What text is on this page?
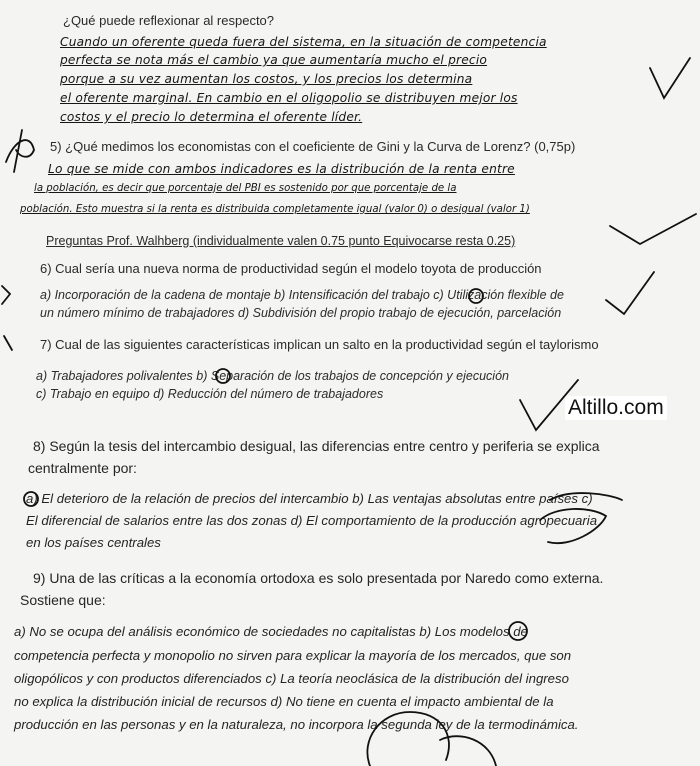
¿Qué puede reflexionar al respecto?
Cuando un oferente queda fuera del sistema, en la situación de competencia
perfecta se nota más el cambio ya que aumentaría mucho el precio
porque a su vez aumentan los costos, y los precios los determina
el oferente marginal. En cambio en el oligopolio se distribuyen mejor los
costos y el precio lo determina el oferente líder.
5) ¿Qué medimos los economistas con el coeficiente de Gini y la Curva de Lorenz? (0,75p)
Lo que se mide con ambos indicadores es la distribución de la renta entre
la población, es decir que porcentaje del PBI es sostenido por que porcentaje de la
población. Esto muestra si la renta es distribuida completamente igual (valor 0) o desigual (valor 1)
Preguntas Prof. Walhberg (individualmente valen 0.75 punto Equivocarse resta 0.25)
6) Cual sería una nueva norma de productividad según el modelo toyota de producción
a) Incorporación de la cadena de montaje b) Intensificación del trabajo c) Utilización flexible de
un número mínimo de trabajadores d) Subdivisión del propio trabajo de ejecución, parcelación
7) Cual de las siguientes características implican un salto en la productividad según el taylorismo
a) Trabajadores polivalentes b) Separación de los trabajos de concepción y ejecución
c) Trabajo en equipo d) Reducción del número de trabajadores
Altillo.com
8) Según la tesis del intercambio desigual, las diferencias entre centro y periferia se explica
centralmente por:
a) El deterioro de la relación de precios del intercambio b) Las ventajas absolutas entre países c)
El diferencial de salarios entre las dos zonas d) El comportamiento de la producción agropecuaria
en los países centrales
9) Una de las críticas a la economía ortodoxa es solo presentada por Naredo como externa.
Sostiene que:
a) No se ocupa del análisis económico de sociedades no capitalistas b) Los modelos de
competencia perfecta y monopolio no sirven para explicar la mayoría de los mercados, que son
oligopólicos y con productos diferenciados c) La teoría neoclásica de la distribución del ingreso
no explica la distribución inicial de recursos d) No tiene en cuenta el impacto ambiental de la
producción en las personas y en la naturaleza, no incorpora la segunda ley de la termodinámica.
